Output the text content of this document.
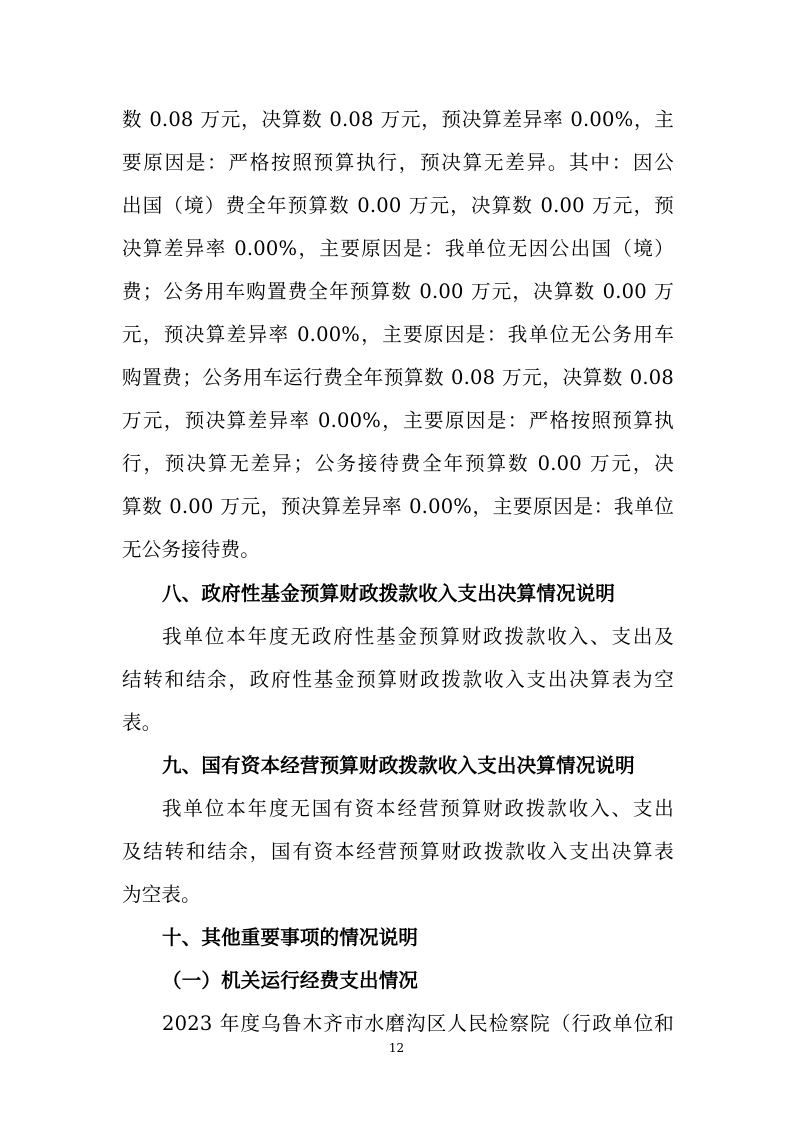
数 0.08 万元，决算数 0.08 万元，预决算差异率 0.00%，主
要原因是：严格按照预算执行，预决算无差异。其中：因公
出国（境）费全年预算数 0.00 万元，决算数 0.00 万元，预
决算差异率 0.00%，主要原因是：我单位无因公出国（境）
费；公务用车购置费全年预算数 0.00 万元，决算数 0.00 万
元，预决算差异率 0.00%，主要原因是：我单位无公务用车
购置费；公务用车运行费全年预算数 0.08 万元，决算数 0.08
万元，预决算差异率 0.00%，主要原因是：严格按照预算执
行，预决算无差异；公务接待费全年预算数 0.00 万元，决
算数 0.00 万元，预决算差异率 0.00%，主要原因是：我单位
无公务接待费。
八、政府性基金预算财政拨款收入支出决算情况说明
我单位本年度无政府性基金预算财政拨款收入、支出及
结转和结余，政府性基金预算财政拨款收入支出决算表为空
表。
九、国有资本经营预算财政拨款收入支出决算情况说明
我单位本年度无国有资本经营预算财政拨款收入、支出
及结转和结余，国有资本经营预算财政拨款收入支出决算表
为空表。
十、其他重要事项的情况说明
（一）机关运行经费支出情况
2023 年度乌鲁木齐市水磨沟区人民检察院（行政单位和
12
